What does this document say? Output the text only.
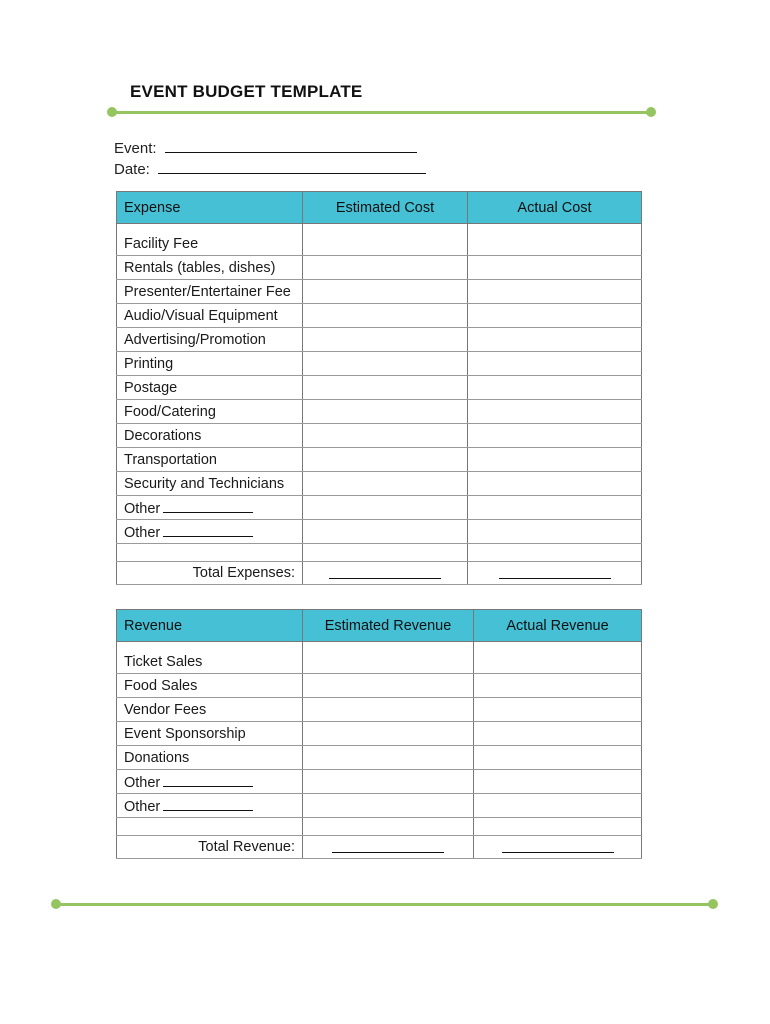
EVENT BUDGET TEMPLATE
Event:
Date:
Expense	Estimated Cost	Actual Cost

Facility Fee		
Rentals (tables, dishes)		
Presenter/Entertainer Fee		
Audio/Visual Equipment		
Advertising/Promotion		
Printing		
Postage		
Food/Catering		
Decorations		
Transportation		
Security and Technicians		
Other		
Other		

Total Expenses:		
Revenue	Estimated Revenue	Actual Revenue

Ticket Sales		
Food Sales		
Vendor Fees		
Event Sponsorship		
Donations		
Other		
Other		

Total Revenue:		
